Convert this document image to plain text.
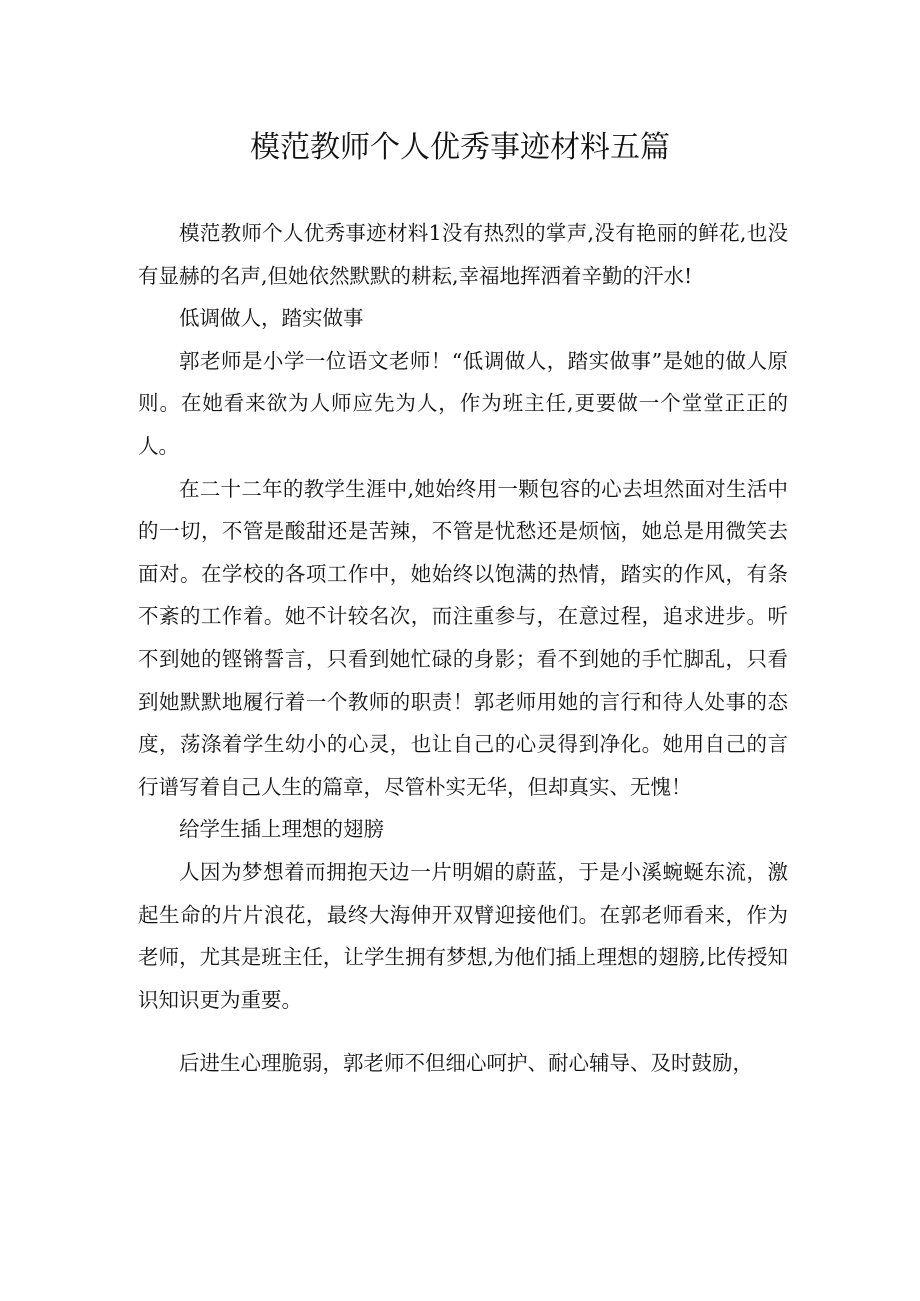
模范教师个人优秀事迹材料五篇

模范教师个人优秀事迹材料1没有热烈的掌声,没有艳丽的鲜花,也没有显赫的名声,但她依然默默的耕耘,幸福地挥洒着辛勤的汗水!

低调做人，踏实做事

郭老师是小学一位语文老师！“低调做人，踏实做事”是她的做人原则。在她看来欲为人师应先为人，作为班主任,更要做一个堂堂正正的人。

在二十二年的教学生涯中,她始终用一颗包容的心去坦然面对生活中的一切，不管是酸甜还是苦辣，不管是忧愁还是烦恼，她总是用微笑去面对。在学校的各项工作中，她始终以饱满的热情，踏实的作风，有条不紊的工作着。她不计较名次，而注重参与，在意过程，追求进步。听不到她的铿锵誓言，只看到她忙碌的身影；看不到她的手忙脚乱，只看到她默默地履行着一个教师的职责！郭老师用她的言行和待人处事的态度，荡涤着学生幼小的心灵，也让自己的心灵得到净化。她用自己的言行谱写着自己人生的篇章，尽管朴实无华，但却真实、无愧！

给学生插上理想的翅膀

人因为梦想着而拥抱天边一片明媚的蔚蓝，于是小溪蜿蜒东流，激起生命的片片浪花，最终大海伸开双臂迎接他们。在郭老师看来，作为老师，尤其是班主任，让学生拥有梦想,为他们插上理想的翅膀,比传授知识知识更为重要。

后进生心理脆弱，郭老师不但细心呵护、耐心辅导、及时鼓励，
